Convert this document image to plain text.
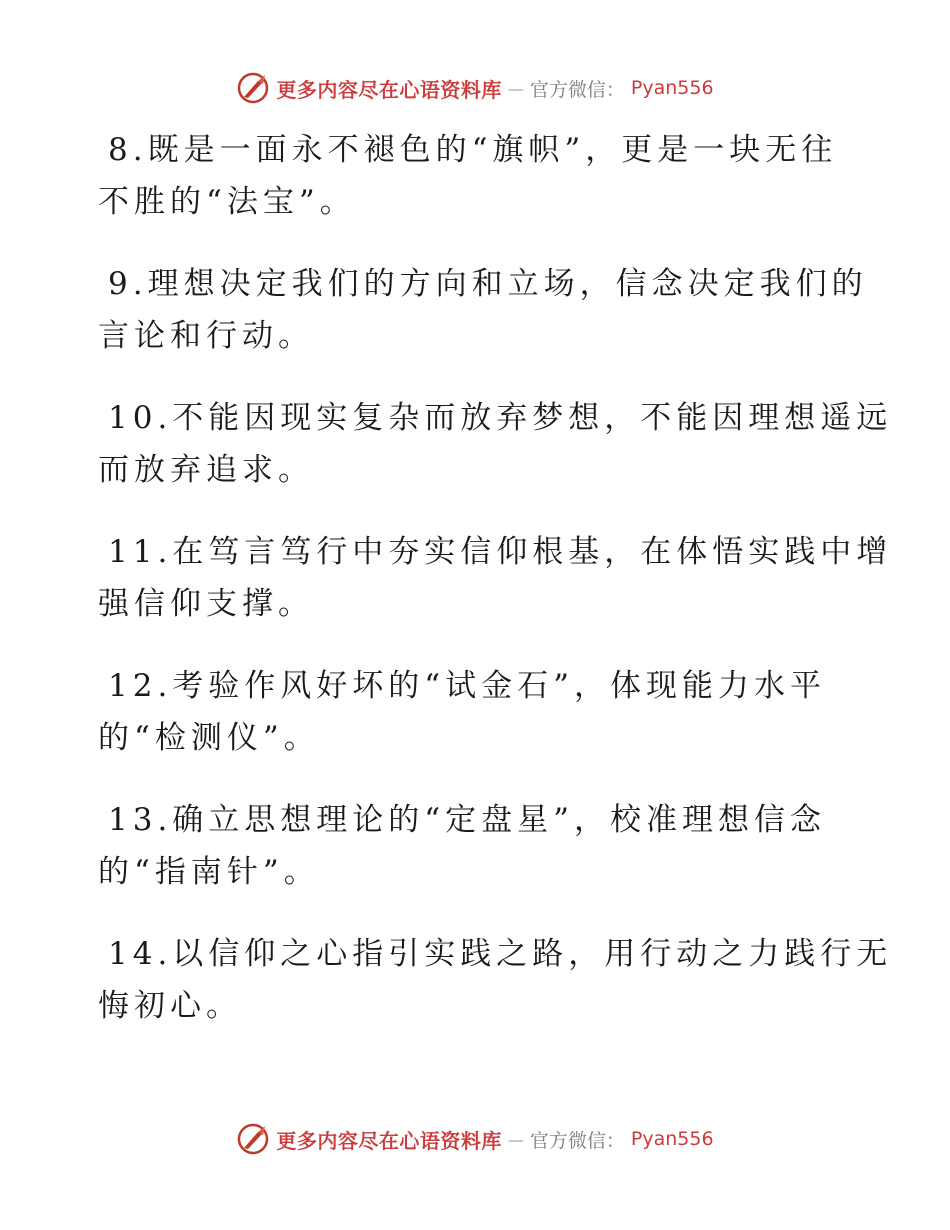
更多内容尽在心语资料库 — 官方微信： Pyan556

8.既是一面永不褪色的“旗帜”，更是一块无往
不胜的“法宝”。

9.理想决定我们的方向和立场，信念决定我们的
言论和行动。

10.不能因现实复杂而放弃梦想，不能因理想遥远
而放弃追求。

11.在笃言笃行中夯实信仰根基，在体悟实践中增
强信仰支撑。

12.考验作风好坏的“试金石”，体现能力水平
的“检测仪”。

13.确立思想理论的“定盘星”，校准理想信念
的“指南针”。

14.以信仰之心指引实践之路，用行动之力践行无
悔初心。

更多内容尽在心语资料库 — 官方微信： Pyan556
